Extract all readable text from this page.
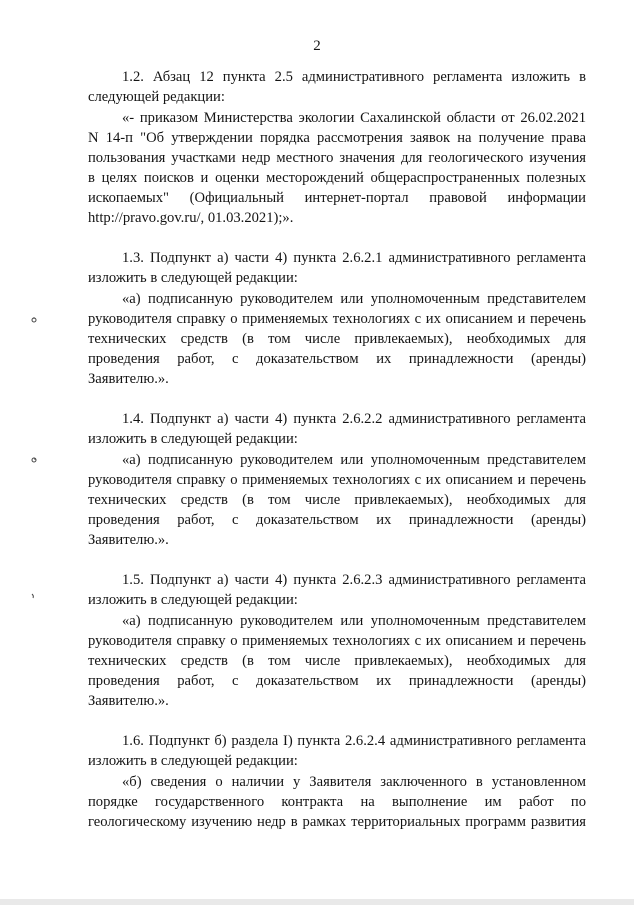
2
1.2. Абзац 12 пункта 2.5 административного регламента изложить в
следующей редакции:
«- приказом Министерства экологии Сахалинской области от 26.02.2021
N 14-п "Об утверждении порядка рассмотрения заявок на получение права
пользования участками недр местного значения для геологического изучения
в целях поисков и оценки месторождений общераспространенных полезных
ископаемых" (Официальный интернет-портал правовой информации
http://pravo.gov.ru/, 01.03.2021);».
1.3. Подпункт а) части 4) пункта 2.6.2.1 административного регламента
изложить в следующей редакции:
«а) подписанную руководителем или уполномоченным представителем
руководителя справку о применяемых технологиях с их описанием и перечень
технических средств (в том числе привлекаемых), необходимых для
проведения работ, с доказательством их принадлежности (аренды)
Заявителю.».
1.4. Подпункт а) части 4) пункта 2.6.2.2 административного регламента
изложить в следующей редакции:
«а) подписанную руководителем или уполномоченным представителем
руководителя справку о применяемых технологиях с их описанием и перечень
технических средств (в том числе привлекаемых), необходимых для
проведения работ, с доказательством их принадлежности (аренды)
Заявителю.».
1.5. Подпункт а) части 4) пункта 2.6.2.3 административного регламента
изложить в следующей редакции:
«а) подписанную руководителем или уполномоченным представителем
руководителя справку о применяемых технологиях с их описанием и перечень
технических средств (в том числе привлекаемых), необходимых для
проведения работ, с доказательством их принадлежности (аренды)
Заявителю.».
1.6. Подпункт б) раздела I) пункта 2.6.2.4 административного регламента
изложить в следующей редакции:
«б) сведения о наличии у Заявителя заключенного в установленном
порядке государственного контракта на выполнение им работ по
геологическому изучению недр в рамках территориальных программ развития
